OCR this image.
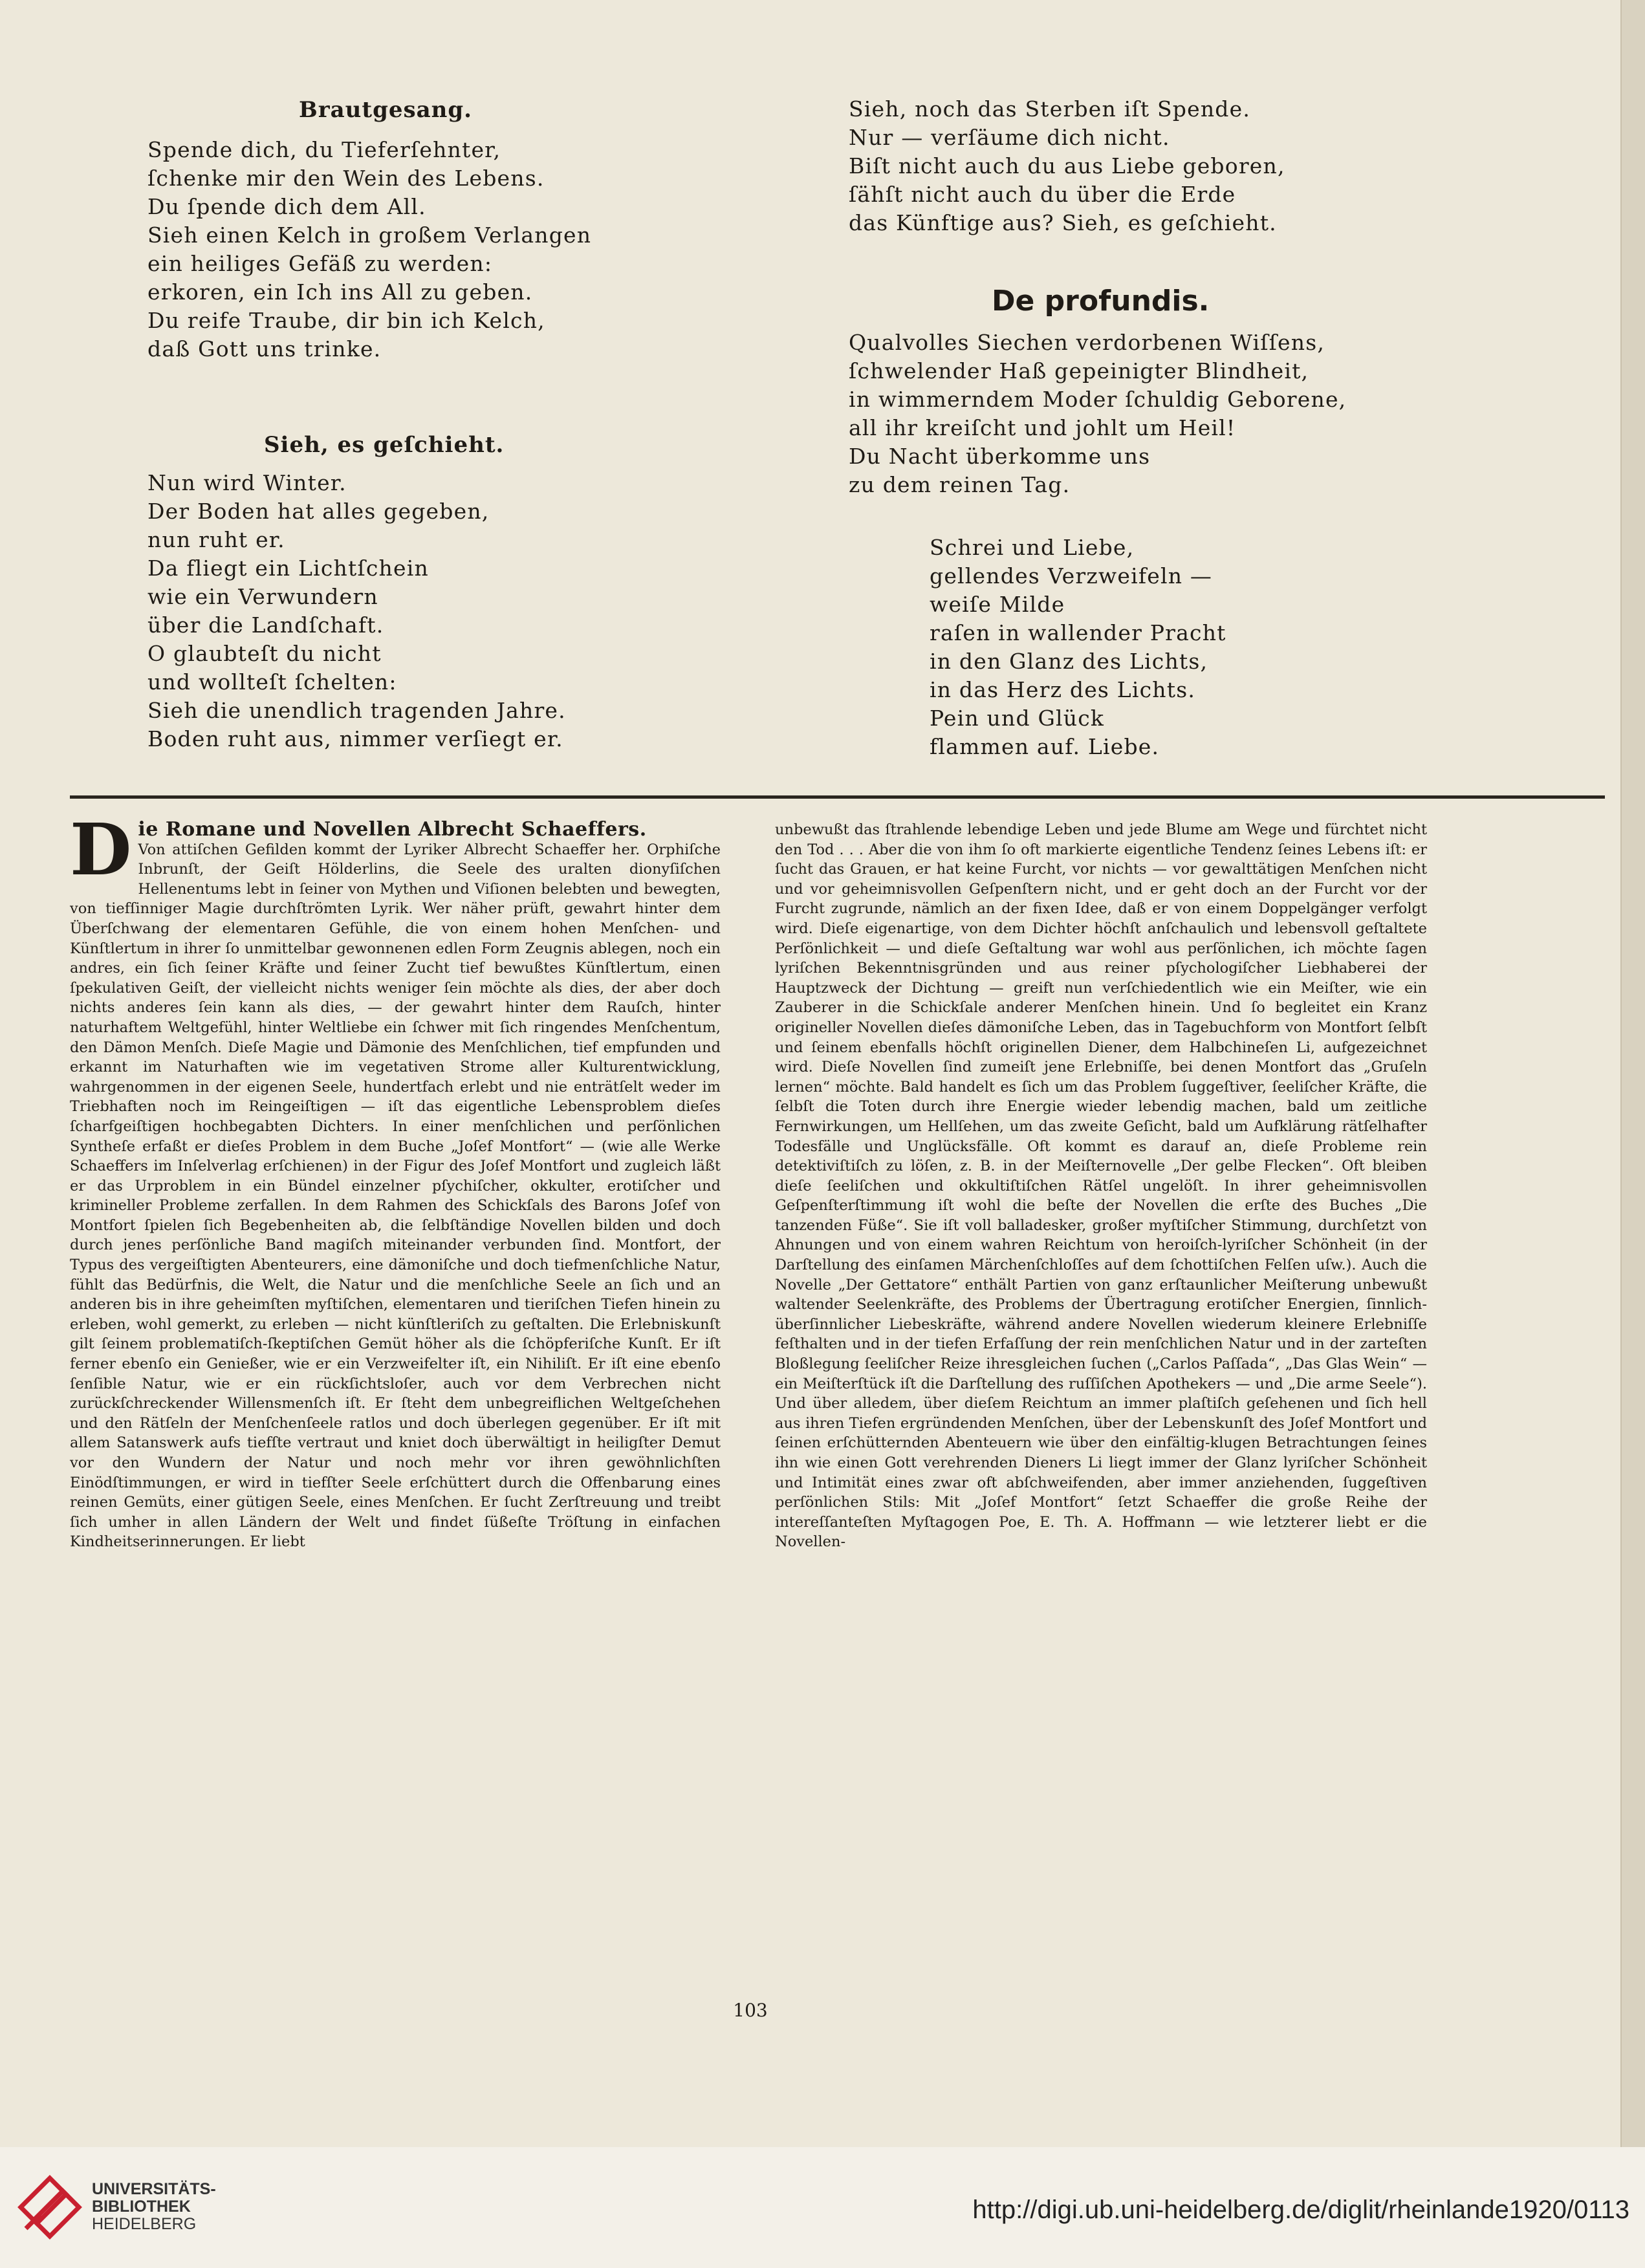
Brautgesang.
Spende dich, du Tieferſehnter,
ſchenke mir den Wein des Lebens.
Du ſpende dich dem All.
Sieh einen Kelch in großem Verlangen
ein heiliges Gefäß zu werden:
erkoren, ein Ich ins All zu geben.
Du reife Traube, dir bin ich Kelch,
daß Gott uns trinke.
Sieh, es geſchieht.
Nun wird Winter.
Der Boden hat alles gegeben,
nun ruht er.
Da fliegt ein Lichtſchein
wie ein Verwundern
über die Landſchaft.
O glaubteſt du nicht
und wollteſt ſchelten:
Sieh die unendlich tragenden Jahre.
Boden ruht aus, nimmer verſiegt er.
Sieh, noch das Sterben iſt Spende.
Nur — verſäume dich nicht.
Biſt nicht auch du aus Liebe geboren,
ſähſt nicht auch du über die Erde
das Künftige aus? Sieh, es geſchieht.
De profundis.
Qualvolles Siechen verdorbenen Wiſſens,
ſchwelender Haß gepeinigter Blindheit,
in wimmerndem Moder ſchuldig Geborene,
all ihr kreiſcht und johlt um Heil!
Du Nacht überkomme uns
zu dem reinen Tag.
Schrei und Liebe,
gellendes Verzweifeln —
weiſe Milde
raſen in wallender Pracht
in den Glanz des Lichts,
in das Herz des Lichts.
Pein und Glück
flammen auf. Liebe.
D ie Romane und Novellen Albrecht Schaeffers.

Von attiſchen Gefilden kommt der Lyriker Albrecht Schaeffer her. Orphiſche Inbrunſt, der Geiſt Hölderlins, die Seele des uralten dionyſiſchen Hellenentums lebt in ſeiner von Mythen und Viſionen belebten und bewegten, von tiefſinniger Magie durchſtrömten Lyrik. Wer näher prüft, gewahrt hinter dem Überſchwang der elementaren Gefühle, die von einem hohen Menſchen- und Künſtlertum in ihrer ſo unmittelbar gewonnenen edlen Form Zeugnis ablegen, noch ein andres, ein ſich ſeiner Kräfte und ſeiner Zucht tief bewußtes Künſtlertum, einen ſpekulativen Geiſt, der vielleicht nichts weniger ſein möchte als dies, der aber doch nichts anderes ſein kann als dies, — der gewahrt hinter dem Rauſch, hinter naturhaftem Weltgefühl, hinter Weltliebe ein ſchwer mit ſich ringendes Menſchentum, den Dämon Menſch. Dieſe Magie und Dämonie des Menſchlichen, tief empfunden und erkannt im Naturhaften wie im vegetativen Strome aller Kulturentwicklung, wahrgenommen in der eigenen Seele, hundertfach erlebt und nie enträtſelt weder im Triebhaften noch im Reingeiſtigen — iſt das eigentliche Lebensproblem dieſes ſcharfgeiſtigen hochbegabten Dichters. In einer menſchlichen und perſönlichen Syntheſe erfaßt er dieſes Problem in dem Buche „Joſef Montfort“ — (wie alle Werke Schaeffers im Inſelverlag erſchienen) in der Figur des Joſef Montfort und zugleich läßt er das Urproblem in ein Bündel einzelner pſychiſcher, okkulter, erotiſcher und krimineller Probleme zerfallen. In dem Rahmen des Schickſals des Barons Joſef von Montfort ſpielen ſich Begebenheiten ab, die ſelbſtändige Novellen bilden und doch durch jenes perſönliche Band magiſch miteinander verbunden ſind. Montfort, der Typus des vergeiſtigten Abenteurers, eine dämoniſche und doch tiefmenſchliche Natur, fühlt das Bedürfnis, die Welt, die Natur und die menſchliche Seele an ſich und an anderen bis in ihre geheimſten myſtiſchen, elementaren und tieriſchen Tiefen hinein zu erleben, wohl gemerkt, zu erleben — nicht künſtleriſch zu geſtalten. Die Erlebniskunſt gilt ſeinem problematiſch-ſkeptiſchen Gemüt höher als die ſchöpferiſche Kunſt. Er iſt ferner ebenſo ein Genießer, wie er ein Verzweifelter iſt, ein Nihiliſt. Er iſt eine ebenſo ſenſible Natur, wie er ein rückſichtsloſer, auch vor dem Verbrechen nicht zurückſchreckender Willensmenſch iſt. Er ſteht dem unbegreiflichen Weltgeſchehen und den Rätſeln der Menſchenſeele ratlos und doch überlegen gegenüber. Er iſt mit allem Satanswerk aufs tiefſte vertraut und kniet doch überwältigt in heiligſter Demut vor den Wundern der Natur und noch mehr vor ihren gewöhnlichſten Einödſtimmungen, er wird in tiefſter Seele erſchüttert durch die Offenbarung eines reinen Gemüts, einer gütigen Seele, eines Menſchen. Er ſucht Zerſtreuung und treibt ſich umher in allen Ländern der Welt und findet ſüßeſte Tröſtung in einfachen Kindheitserinnerungen. Er liebt

unbewußt das ſtrahlende lebendige Leben und jede Blume am Wege und fürchtet nicht den Tod . . . Aber die von ihm ſo oft markierte eigentliche Tendenz ſeines Lebens iſt: er ſucht das Grauen, er hat keine Furcht, vor nichts — vor gewalttätigen Menſchen nicht und vor geheimnisvollen Geſpenſtern nicht, und er geht doch an der Furcht vor der Furcht zugrunde, nämlich an der fixen Idee, daß er von einem Doppelgänger verfolgt wird. Dieſe eigenartige, von dem Dichter höchſt anſchaulich und lebensvoll geſtaltete Perſönlichkeit — und dieſe Geſtaltung war wohl aus perſönlichen, ich möchte ſagen lyriſchen Bekenntnisgründen und aus reiner pſychologiſcher Liebhaberei der Hauptzweck der Dichtung — greift nun verſchiedentlich wie ein Meiſter, wie ein Zauberer in die Schickſale anderer Menſchen hinein. Und ſo begleitet ein Kranz origineller Novellen dieſes dämoniſche Leben, das in Tagebuchform von Montfort ſelbſt und ſeinem ebenfalls höchſt originellen Diener, dem Halbchineſen Li, aufgezeichnet wird. Dieſe Novellen ſind zumeiſt jene Erlebniſſe, bei denen Montfort das „Gruſeln lernen“ möchte. Bald handelt es ſich um das Problem ſuggeſtiver, ſeeliſcher Kräfte, die ſelbſt die Toten durch ihre Energie wieder lebendig machen, bald um zeitliche Fernwirkungen, um Hellſehen, um das zweite Geſicht, bald um Aufklärung rätſelhafter Todesfälle und Unglücksfälle. Oft kommt es darauf an, dieſe Probleme rein detektiviſtiſch zu löſen, z. B. in der Meiſternovelle „Der gelbe Flecken“. Oft bleiben dieſe ſeeliſchen und okkultiſtiſchen Rätſel ungelöſt. In ihrer geheimnisvollen Geſpenſterſtimmung iſt wohl die beſte der Novellen die erſte des Buches „Die tanzenden Füße“. Sie iſt voll balladesker, großer myſtiſcher Stimmung, durchſetzt von Ahnungen und von einem wahren Reichtum von heroiſch-lyriſcher Schönheit (in der Darſtellung des einſamen Märchenſchloſſes auf dem ſchottiſchen Felſen uſw.). Auch die Novelle „Der Gettatore“ enthält Partien von ganz erſtaunlicher Meiſterung unbewußt waltender Seelenkräfte, des Problems der Übertragung erotiſcher Energien, ſinnlich-überſinnlicher Liebeskräfte, während andere Novellen wiederum kleinere Erlebniſſe feſthalten und in der tiefen Erfaſſung der rein menſchlichen Natur und in der zarteſten Bloßlegung ſeeliſcher Reize ihresgleichen ſuchen („Carlos Paſſada“, „Das Glas Wein“ — ein Meiſterſtück iſt die Darſtellung des ruſſiſchen Apothekers — und „Die arme Seele“). Und über alledem, über dieſem Reichtum an immer plaſtiſch geſehenen und ſich hell aus ihren Tiefen ergründenden Menſchen, über der Lebenskunſt des Joſef Montfort und ſeinen erſchütternden Abenteuern wie über den einfältig-klugen Betrachtungen ſeines ihn wie einen Gott verehrenden Dieners Li liegt immer der Glanz lyriſcher Schönheit und Intimität eines zwar oft abſchweifenden, aber immer anziehenden, ſuggeſtiven perſönlichen Stils: Mit „Joſef Montfort“ ſetzt Schaeffer die große Reihe der intereſſanteſten Myſtagogen Poe, E. Th. A. Hoffmann — wie letzterer liebt er die Novellen-

103
UNIVERSITÄTS-
BIBLIOTHEK
HEIDELBERG	http://digi.ub.uni-heidelberg.de/diglit/rheinlande1920/0113
